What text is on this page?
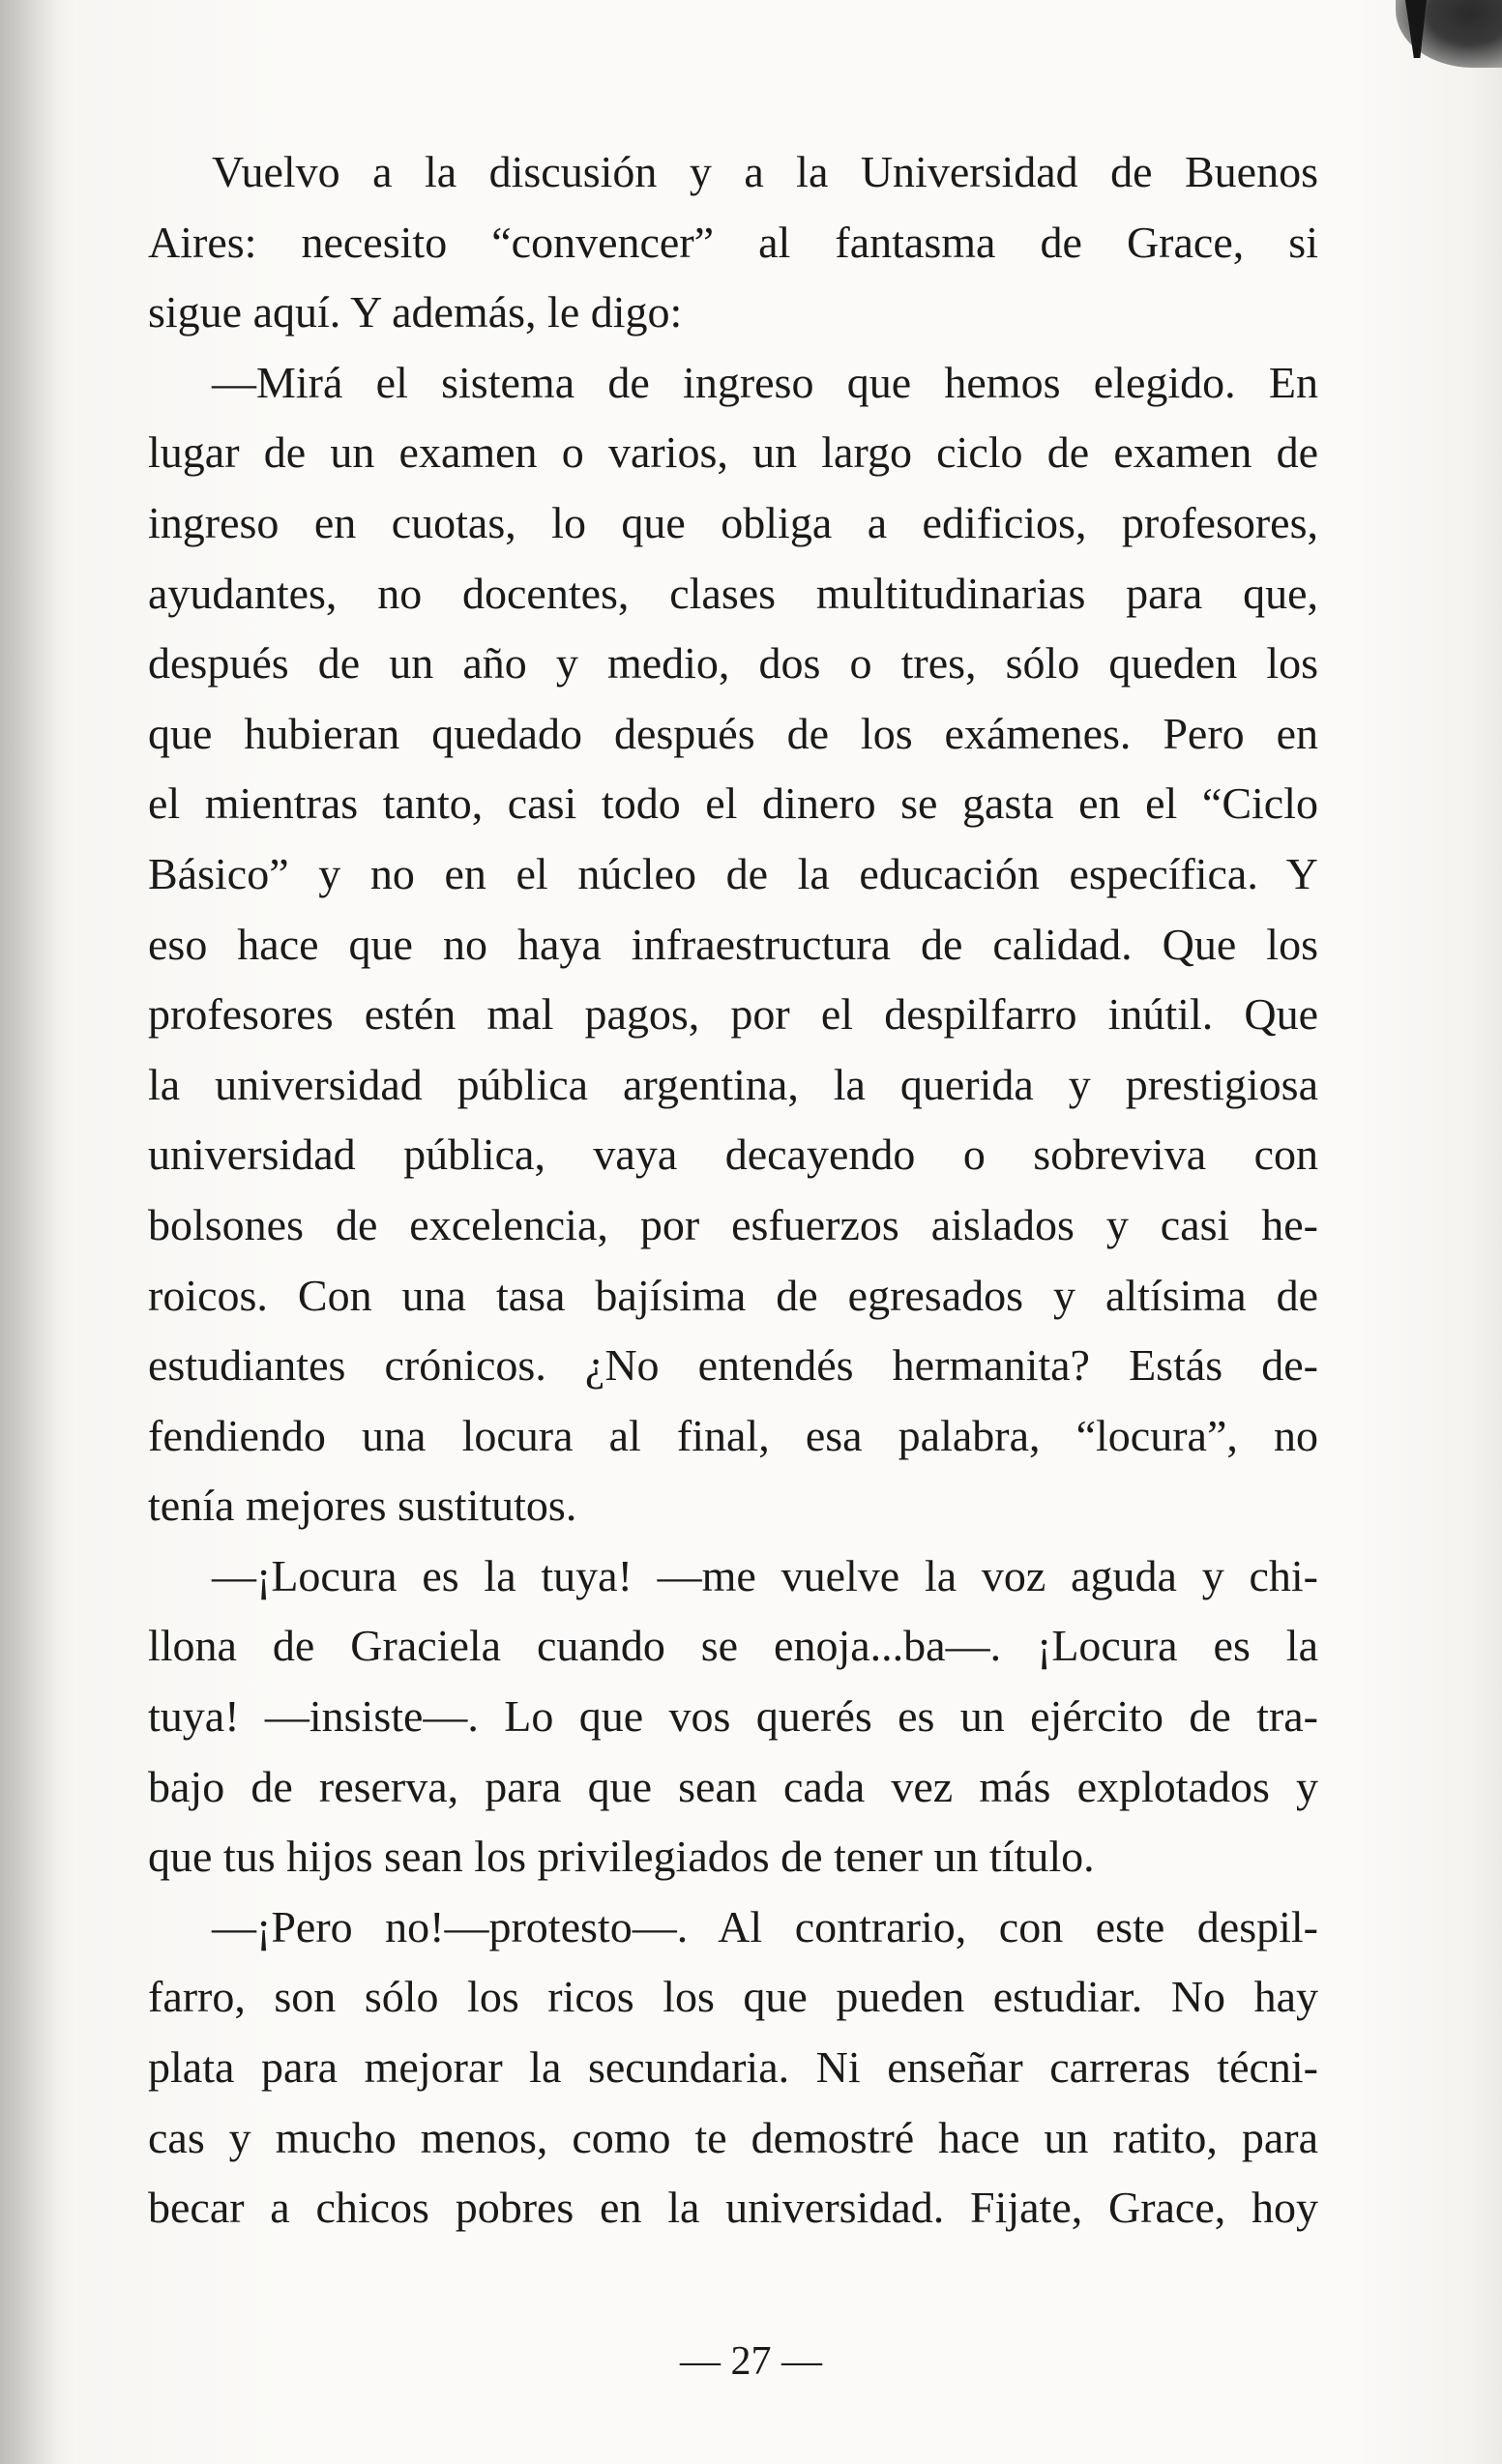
Vuelvo a la discusión y a la Universidad de Buenos
Aires: necesito “convencer” al fantasma de Grace, si
sigue aquí. Y además, le digo:
—Mirá el sistema de ingreso que hemos elegido. En
lugar de un examen o varios, un largo ciclo de examen de
ingreso en cuotas, lo que obliga a edificios, profesores,
ayudantes, no docentes, clases multitudinarias para que,
después de un año y medio, dos o tres, sólo queden los
que hubieran quedado después de los exámenes. Pero en
el mientras tanto, casi todo el dinero se gasta en el “Ciclo
Básico” y no en el núcleo de la educación específica. Y
eso hace que no haya infraestructura de calidad. Que los
profesores estén mal pagos, por el despilfarro inútil. Que
la universidad pública argentina, la querida y prestigiosa
universidad pública, vaya decayendo o sobreviva con
bolsones de excelencia, por esfuerzos aislados y casi he-
roicos. Con una tasa bajísima de egresados y altísima de
estudiantes crónicos. ¿No entendés hermanita? Estás de-
fendiendo una locura al final, esa palabra, “locura”, no
tenía mejores sustitutos.
—¡Locura es la tuya! —me vuelve la voz aguda y chi-
llona de Graciela cuando se enoja...ba—. ¡Locura es la
tuya! —insiste—. Lo que vos querés es un ejército de tra-
bajo de reserva, para que sean cada vez más explotados y
que tus hijos sean los privilegiados de tener un título.
—¡Pero no!—protesto—. Al contrario, con este despil-
farro, son sólo los ricos los que pueden estudiar. No hay
plata para mejorar la secundaria. Ni enseñar carreras técni-
cas y mucho menos, como te demostré hace un ratito, para
becar a chicos pobres en la universidad. Fijate, Grace, hoy
— 27 —
